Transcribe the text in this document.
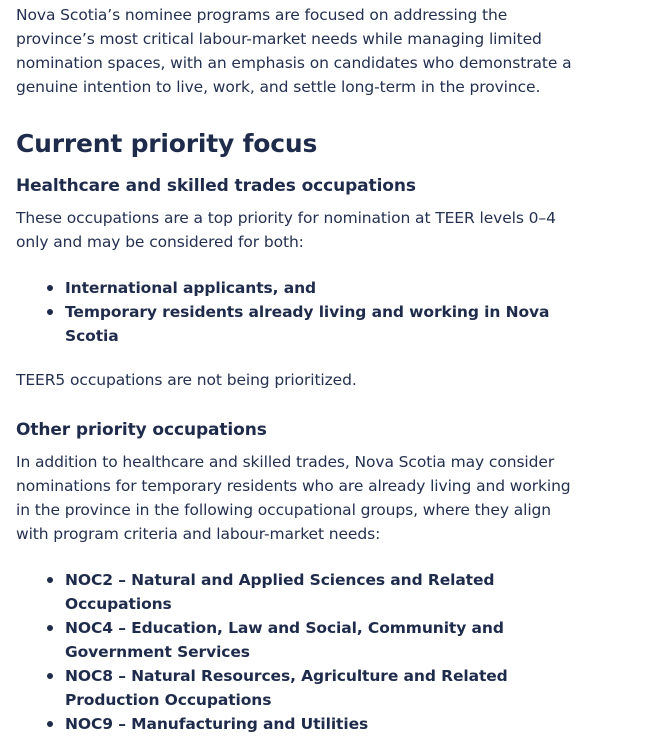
Nova Scotia’s nominee programs are focused on addressing the province’s most critical labour-market needs while managing limited nomination spaces, with an emphasis on candidates who demonstrate a genuine intention to live, work, and settle long-term in the province.

Current priority focus
Healthcare and skilled trades occupations

These occupations are a top priority for nomination at TEER levels 0–4 only and may be considered for both:

International applicants, and
Temporary residents already living and working in Nova Scotia

TEER5 occupations are not being prioritized.

Other priority occupations

In addition to healthcare and skilled trades, Nova Scotia may consider nominations for temporary residents who are already living and working in the province in the following occupational groups, where they align with program criteria and labour-market needs:

NOC2 – Natural and Applied Sciences and Related Occupations
NOC4 – Education, Law and Social, Community and Government Services
NOC8 – Natural Resources, Agriculture and Related Production Occupations
NOC9 – Manufacturing and Utilities
